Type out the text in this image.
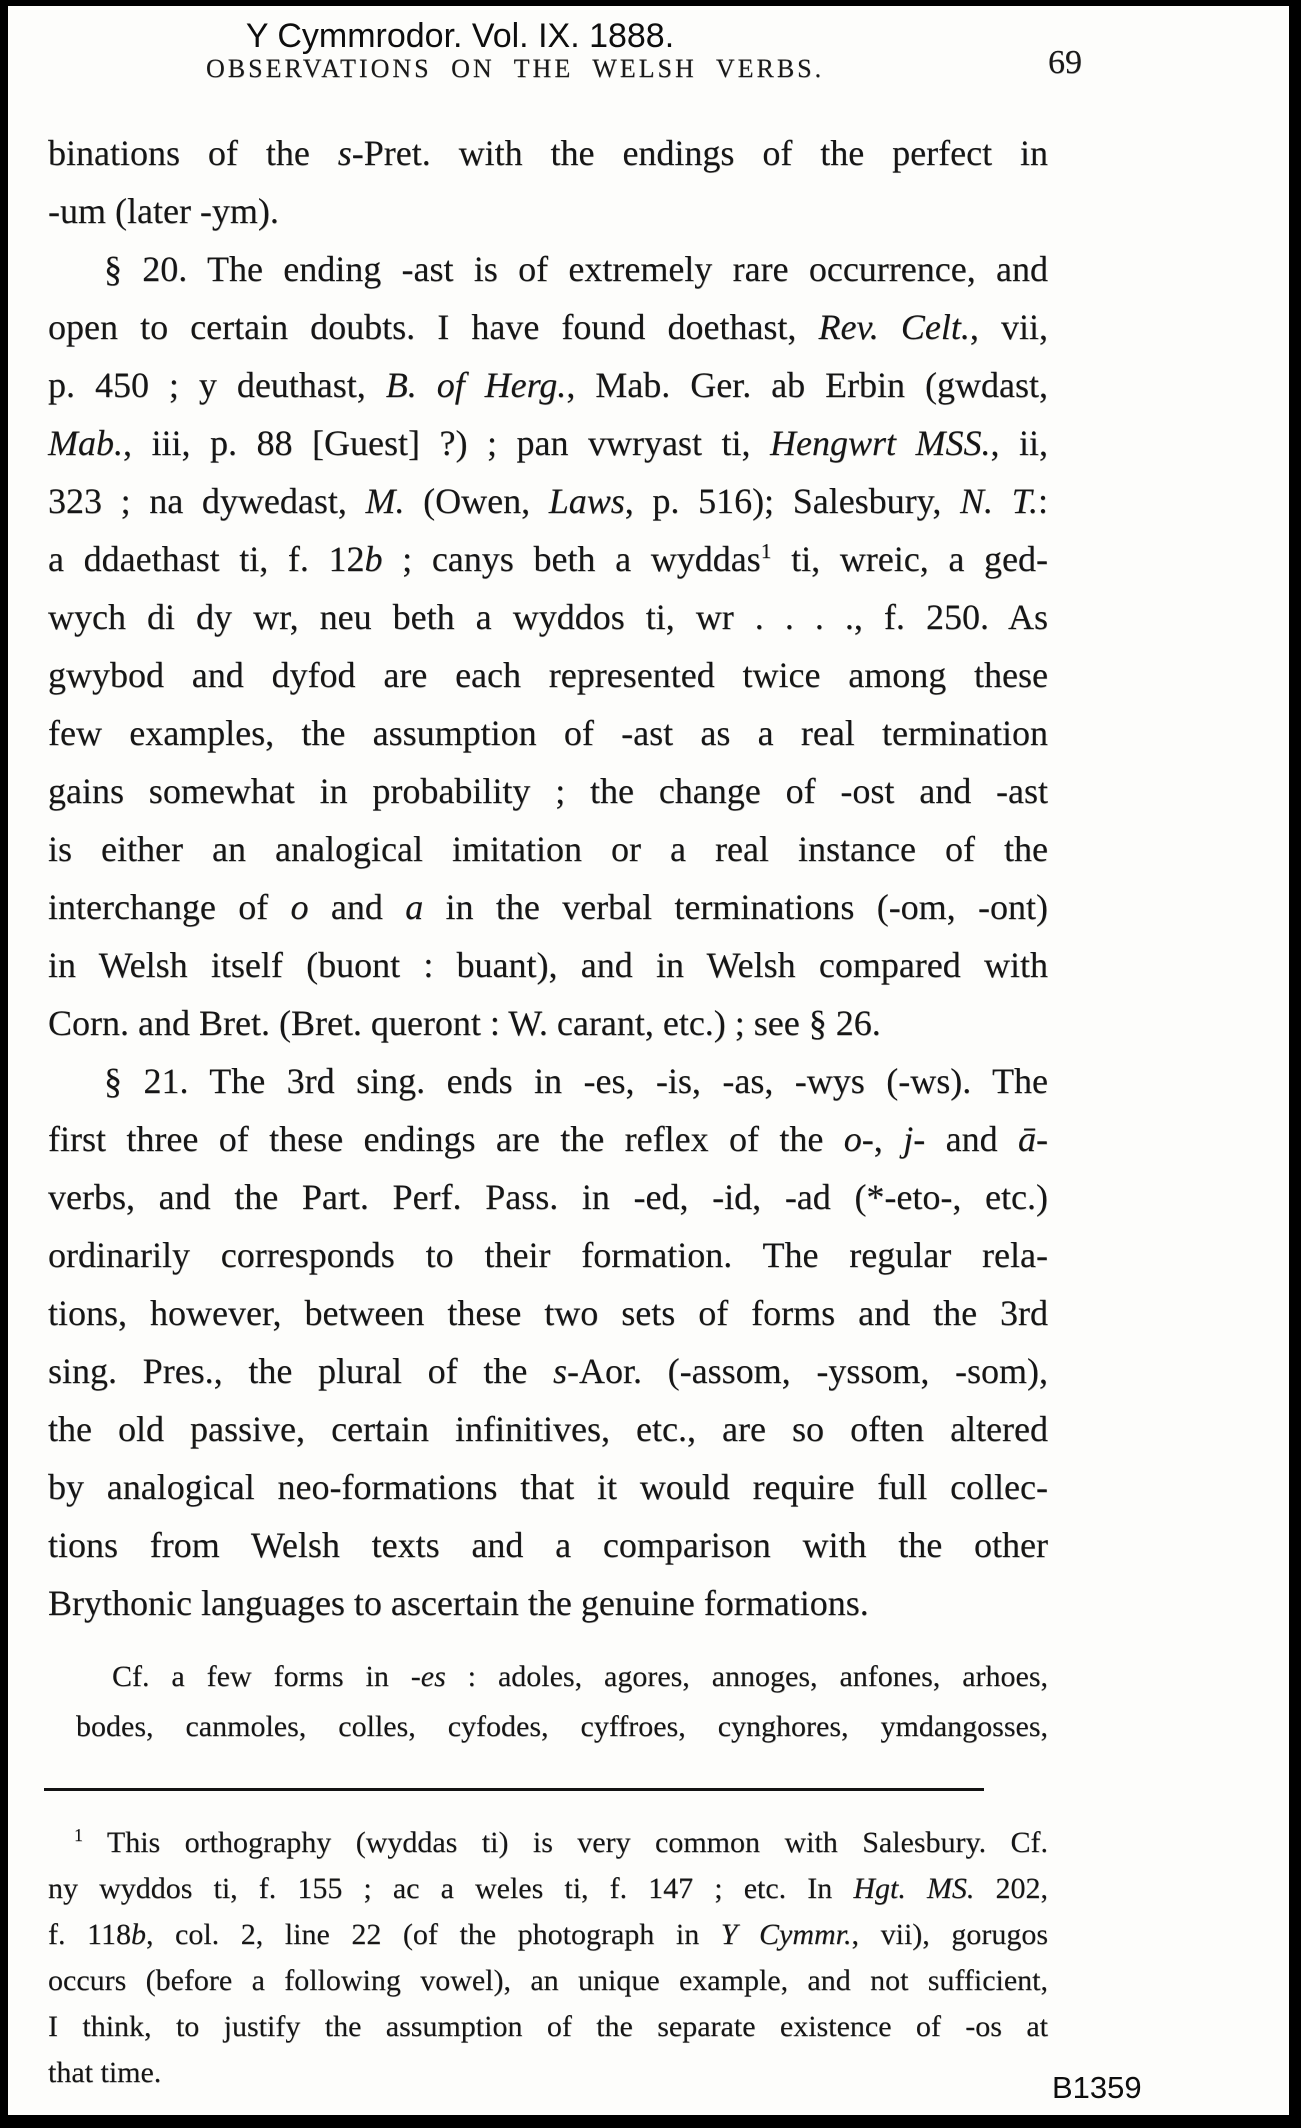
Y Cymmrodor. Vol. IX. 1888.
OBSERVATIONS ON THE WELSH VERBS.	69
binations of the s-Pret. with the endings of the perfect in
-um (later -ym).
§ 20. The ending -ast is of extremely rare occurrence, and
open to certain doubts. I have found doethast, Rev. Celt., vii,
p. 450 ; y deuthast, B. of Herg., Mab. Ger. ab Erbin (gwdast,
Mab., iii, p. 88 [Guest] ?) ; pan vwryast ti, Hengwrt MSS., ii,
323 ; na dywedast, M. (Owen, Laws, p. 516); Salesbury, N. T.:
a ddaethast ti, f. 12b ; canys beth a wyddas$^1$ ti, wreic, a ged-
wych di dy wr, neu beth a wyddos ti, wr . . . ., f. 250. As
gwybod and dyfod are each represented twice among these
few examples, the assumption of -ast as a real termination
gains somewhat in probability ; the change of -ost and -ast
is either an analogical imitation or a real instance of the
interchange of o and a in the verbal terminations (-om, -ont)
in Welsh itself (buont : buant), and in Welsh compared with
Corn. and Bret. (Bret. queront : W. carant, etc.) ; see § 26.
§ 21. The 3rd sing. ends in -es, -is, -as, -wys (-ws). The
first three of these endings are the reflex of the o-, j- and ā-
verbs, and the Part. Perf. Pass. in -ed, -id, -ad (*-eto-, etc.)
ordinarily corresponds to their formation. The regular rela-
tions, however, between these two sets of forms and the 3rd
sing. Pres., the plural of the s-Aor. (-assom, -yssom, -som),
the old passive, certain infinitives, etc., are so often altered
by analogical neo-formations that it would require full collec-
tions from Welsh texts and a comparison with the other
Brythonic languages to ascertain the genuine formations.
Cf. a few forms in -es : adoles, agores, annoges, anfones, arhoes,
bodes, canmoles, colles, cyfodes, cyffroes, cynghores, ymdangosses,
$^1$ This orthography (wyddas ti) is very common with Salesbury. Cf.
ny wyddos ti, f. 155 ; ac a weles ti, f. 147 ; etc. In Hgt. MS. 202,
f. 118b, col. 2, line 22 (of the photograph in Y Cymmr., vii), gorugos
occurs (before a following vowel), an unique example, and not sufficient,
I think, to justify the assumption of the separate existence of -os at
that time.	B1359
